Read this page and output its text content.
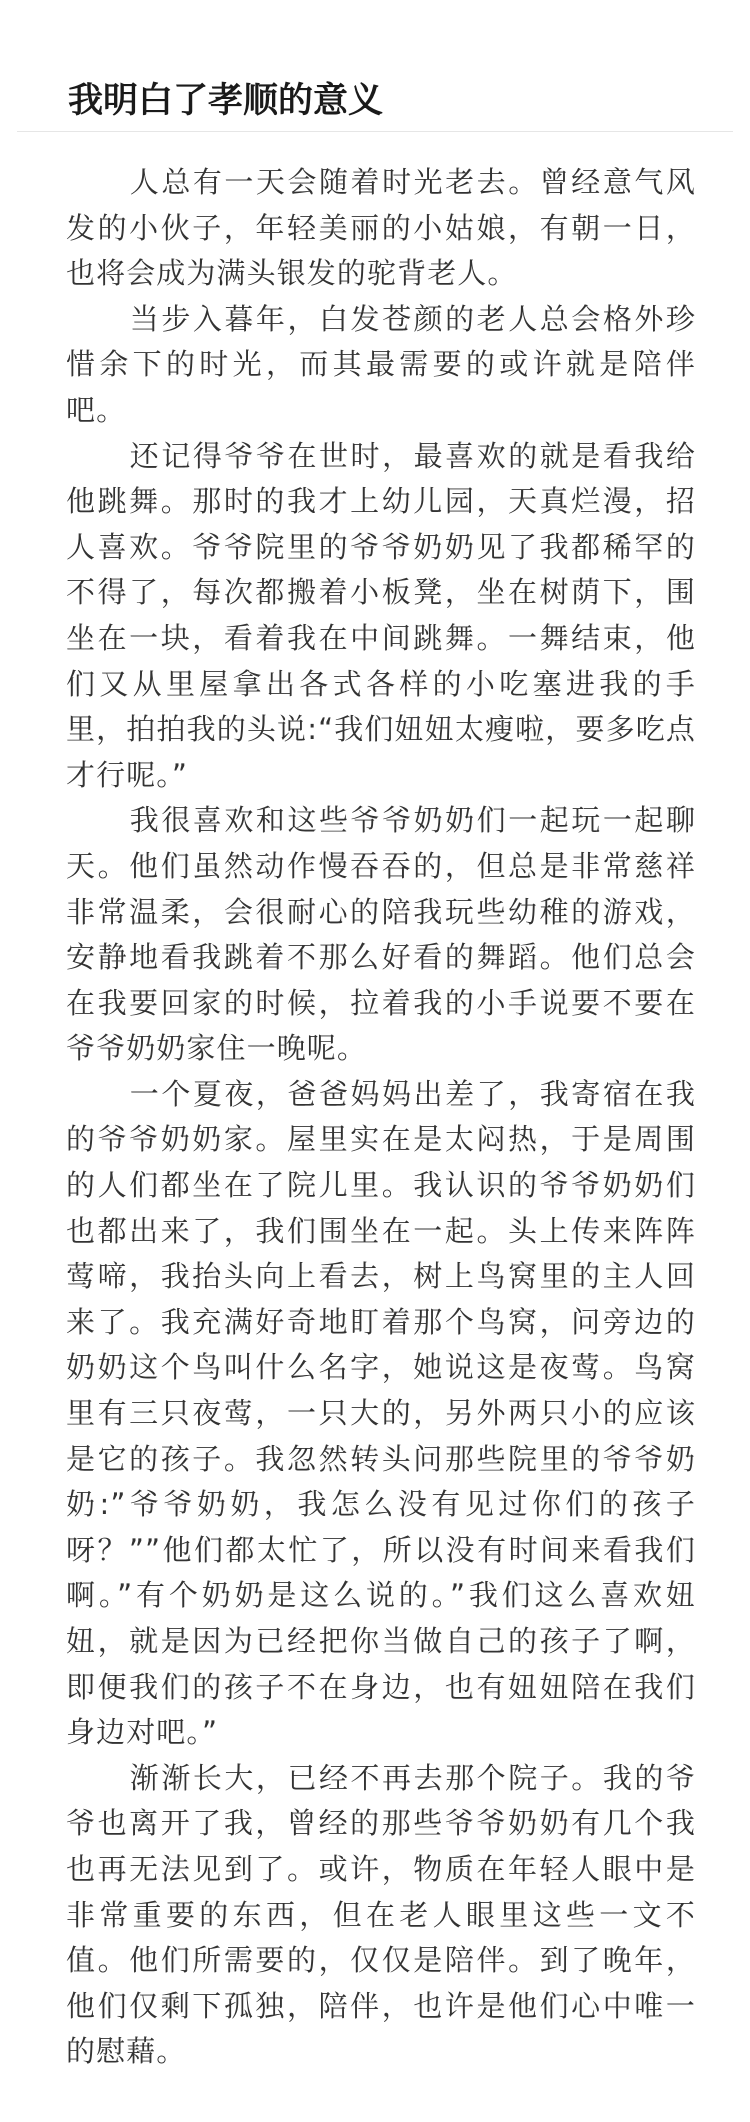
我明白了孝顺的意义

人总有一天会随着时光老去。曾经意气风发的小伙子，年轻美丽的小姑娘，有朝一日，也将会成为满头银发的驼背老人。

当步入暮年，白发苍颜的老人总会格外珍惜余下的时光，而其最需要的或许就是陪伴吧。

还记得爷爷在世时，最喜欢的就是看我给他跳舞。那时的我才上幼儿园，天真烂漫，招人喜欢。爷爷院里的爷爷奶奶见了我都稀罕的不得了，每次都搬着小板凳，坐在树荫下，围坐在一块，看着我在中间跳舞。一舞结束，他们又从里屋拿出各式各样的小吃塞进我的手里，拍拍我的头说:“我们妞妞太瘦啦，要多吃点才行呢。”

我很喜欢和这些爷爷奶奶们一起玩一起聊天。他们虽然动作慢吞吞的，但总是非常慈祥非常温柔，会很耐心的陪我玩些幼稚的游戏，安静地看我跳着不那么好看的舞蹈。他们总会在我要回家的时候，拉着我的小手说要不要在爷爷奶奶家住一晚呢。

一个夏夜，爸爸妈妈出差了，我寄宿在我的爷爷奶奶家。屋里实在是太闷热，于是周围的人们都坐在了院儿里。我认识的爷爷奶奶们也都出来了，我们围坐在一起。头上传来阵阵莺啼，我抬头向上看去，树上鸟窝里的主人回来了。我充满好奇地盯着那个鸟窝，问旁边的奶奶这个鸟叫什么名字，她说这是夜莺。鸟窝里有三只夜莺，一只大的，另外两只小的应该是它的孩子。我忽然转头问那些院里的爷爷奶奶:”爷爷奶奶，我怎么没有见过你们的孩子呀？””他们都太忙了，所以没有时间来看我们啊。”有个奶奶是这么说的。”我们这么喜欢妞妞，就是因为已经把你当做自己的孩子了啊，即便我们的孩子不在身边，也有妞妞陪在我们身边对吧。”

渐渐长大，已经不再去那个院子。我的爷爷也离开了我，曾经的那些爷爷奶奶有几个我也再无法见到了。或许，物质在年轻人眼中是非常重要的东西，但在老人眼里这些一文不值。他们所需要的，仅仅是陪伴。到了晚年，他们仅剩下孤独，陪伴，也许是他们心中唯一的慰藉。
